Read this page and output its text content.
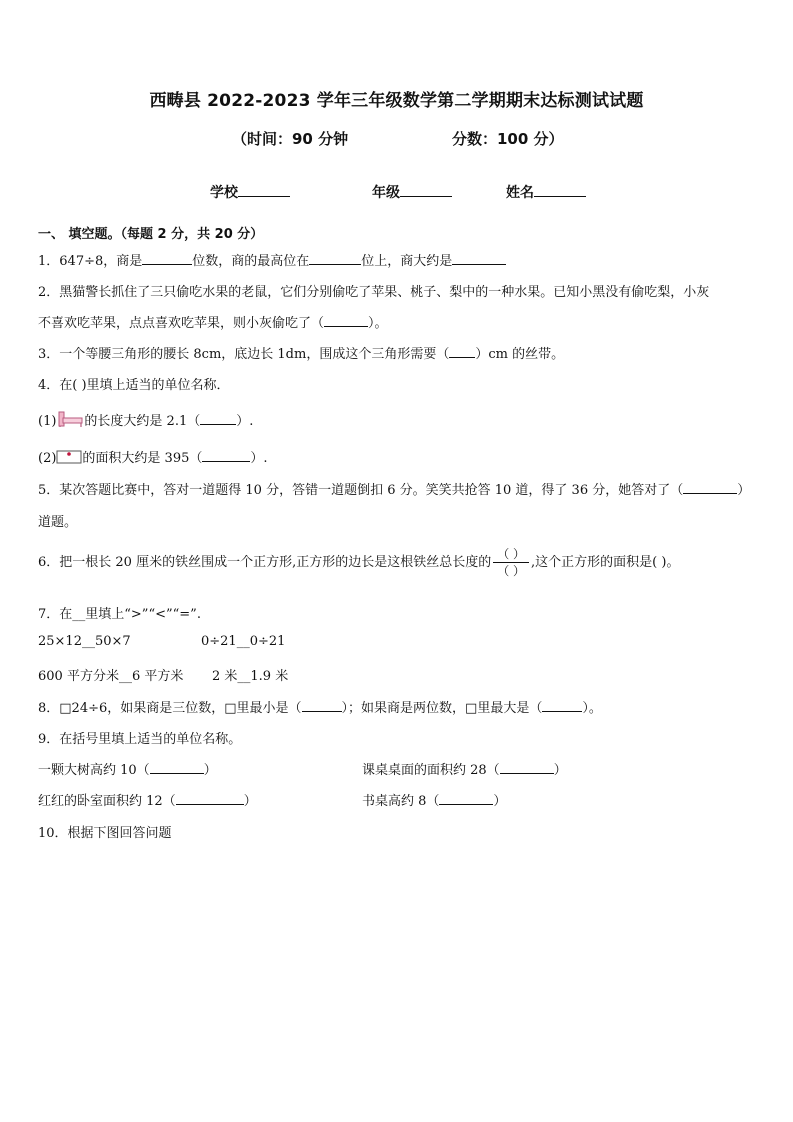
西畴县 2022-2023 学年三年级数学第二学期期末达标测试试题
（时间：90 分钟	分数：100 分）
学校	年级	姓名
一、 填空题。（每题 2 分，共 20 分）
1．647÷8，商是	位数，商的最高位在	位上，商大约是
2．黑猫警长抓住了三只偷吃水果的老鼠，它们分别偷吃了苹果、桃子、梨中的一种水果。已知小黑没有偷吃梨，小灰
不喜欢吃苹果，点点喜欢吃苹果，则小灰偷吃了（	）。
3．一个等腰三角形的腰长 8cm，底边长 1dm，围成这个三角形需要（ ）cm 的丝带。
4．在( )里填上适当的单位名称．
(1) 的长度大约是 2.1（	）.
(2) 的面积大约是 395（	）.
5．某次答题比赛中，答对一道题得 10 分，答错一道题倒扣 6 分。笑笑共抢答 10 道，得了 36 分，她答对了（	）
道题。
6．把一根长 20 厘米的铁丝围成一个正方形,正方形的边长是这根铁丝总长度的 $\frac{( )}{( )}$ ,这个正方形的面积是( )。
7．在__里填上“>”“<”“=”.
25×12__50×7	0÷21__0÷21
600 平方分米__6 平方米 2 米__1.9 米
8．□24÷6，如果商是三位数，□里最小是（	）；如果商是两位数，□里最大是（	）。
9．在括号里填上适当的单位名称。
一颗大树高约 10（	）	课桌桌面的面积约 28（	）
红红的卧室面积约 12（	）	书桌高约 8（	）
10．根据下图回答问题
